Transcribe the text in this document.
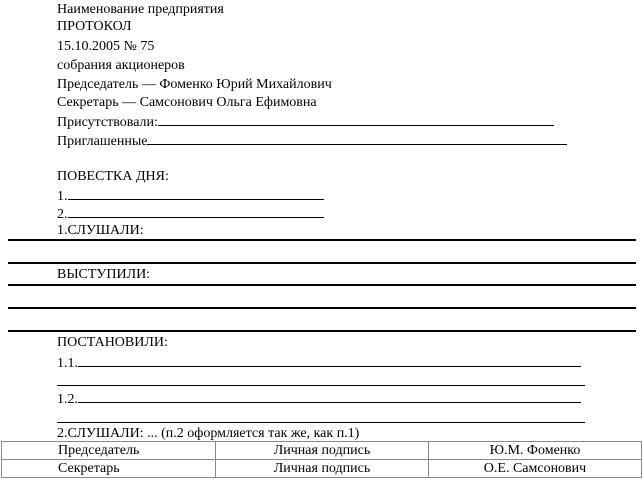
Наименование предприятия
ПРОТОКОЛ
15.10.2005 № 75
собрания акционеров
Председатель — Фоменко Юрий Михайлович
Секретарь — Самсонович Ольга Ефимовна
Присутствовали:
Приглашенные
ПОВЕСТКА ДНЯ:
1.
2.
1.СЛУШАЛИ:
ВЫСТУПИЛИ:
ПОСТАНОВИЛИ:
1.1.
1.2.
2.СЛУШАЛИ: ... (п.2 оформляется так же, как п.1)
Председатель	Личная подпись	Ю.М. Фоменко
Секретарь	Личная подпись	О.Е. Самсонович
